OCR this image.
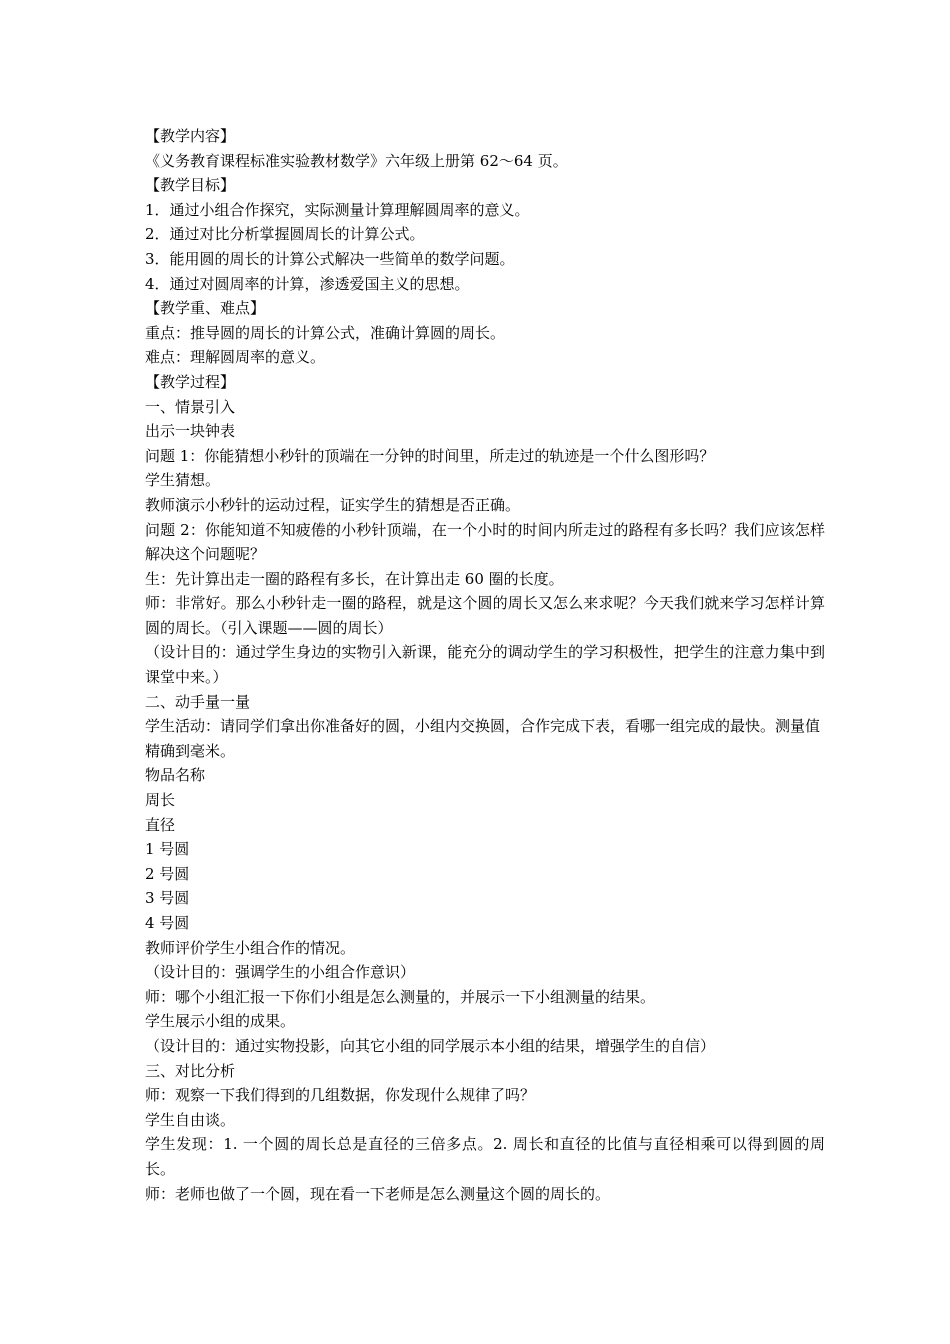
【教学内容】
《义务教育课程标准实验教材数学》六年级上册第 62～64 页。
【教学目标】
1．通过小组合作探究，实际测量计算理解圆周率的意义。
2．通过对比分析掌握圆周长的计算公式。
3．能用圆的周长的计算公式解决一些简单的数学问题。
4．通过对圆周率的计算，渗透爱国主义的思想。
【教学重、难点】
重点：推导圆的周长的计算公式，准确计算圆的周长。
难点：理解圆周率的意义。
【教学过程】
一、情景引入
出示一块钟表
问题 1：你能猜想小秒针的顶端在一分钟的时间里，所走过的轨迹是一个什么图形吗？
学生猜想。
教师演示小秒针的运动过程，证实学生的猜想是否正确。
问题 2：你能知道不知疲倦的小秒针顶端，在一个小时的时间内所走过的路程有多长吗？我们应该怎样解决这个问题呢？
生：先计算出走一圈的路程有多长，在计算出走 60 圈的长度。
师：非常好。那么小秒针走一圈的路程，就是这个圆的周长又怎么来求呢？今天我们就来学习怎样计算圆的周长。（引入课题——圆的周长）
（设计目的：通过学生身边的实物引入新课，能充分的调动学生的学习积极性，把学生的注意力集中到课堂中来。）
二、动手量一量
学生活动：请同学们拿出你准备好的圆，小组内交换圆，合作完成下表，看哪一组完成的最快。测量值精确到毫米。
物品名称
周长
直径
1 号圆
2 号圆
3 号圆
4 号圆
教师评价学生小组合作的情况。
（设计目的：强调学生的小组合作意识）
师：哪个小组汇报一下你们小组是怎么测量的，并展示一下小组测量的结果。
学生展示小组的成果。
（设计目的：通过实物投影，向其它小组的同学展示本小组的结果，增强学生的自信）
三、对比分析
师：观察一下我们得到的几组数据，你发现什么规律了吗？
学生自由谈。
学生发现：1. 一个圆的周长总是直径的三倍多点。2. 周长和直径的比值与直径相乘可以得到圆的周长。
师：老师也做了一个圆，现在看一下老师是怎么测量这个圆的周长的。
